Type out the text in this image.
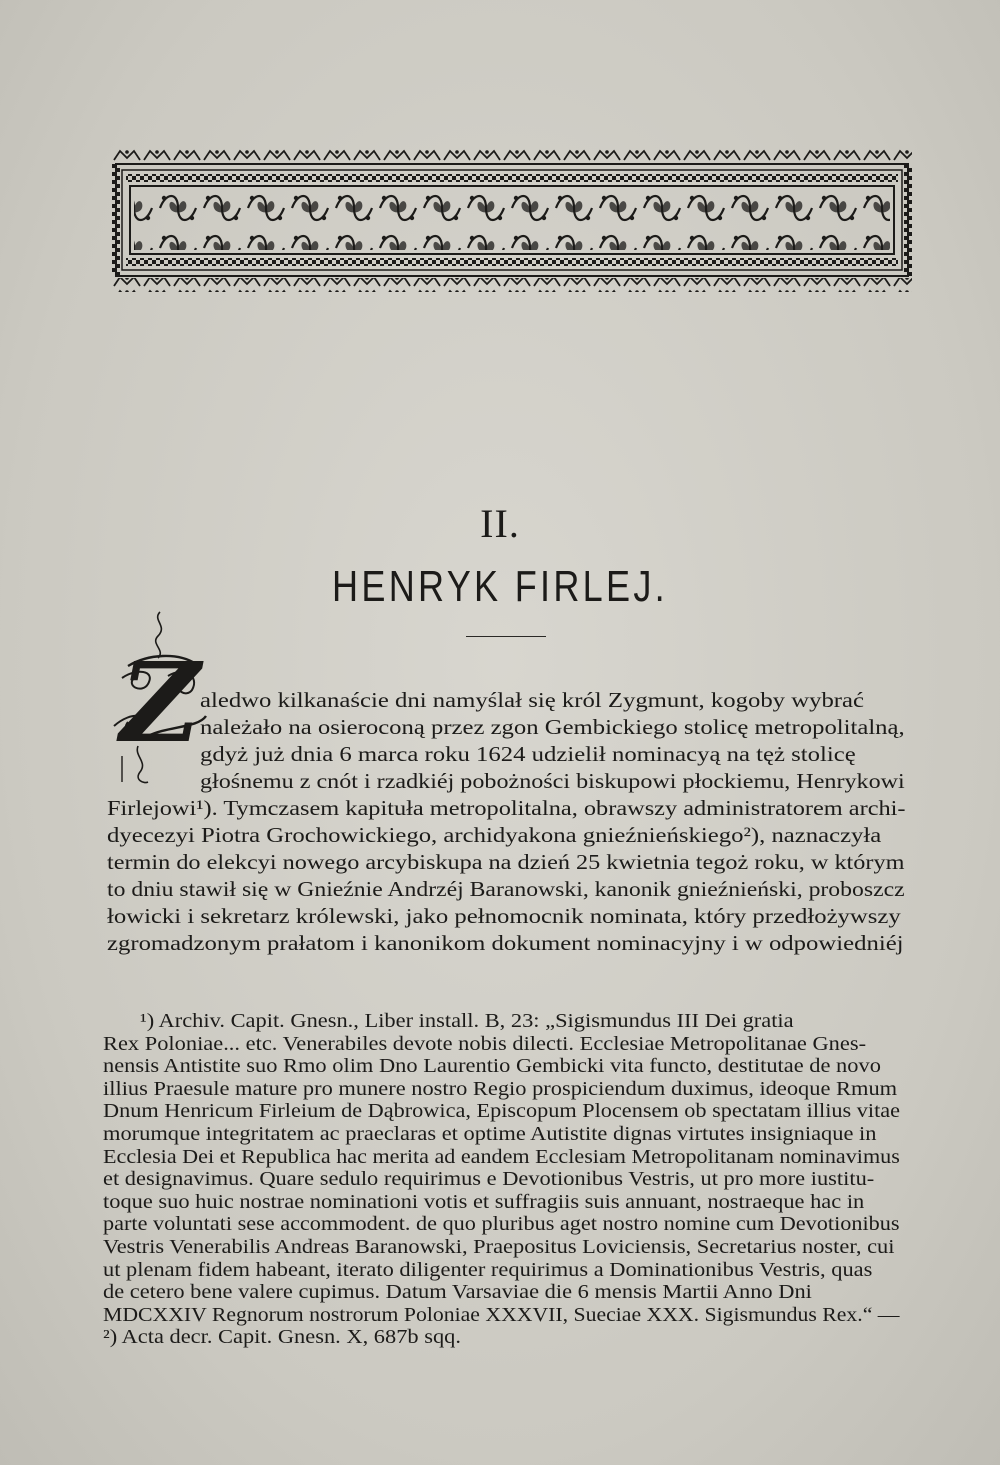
II.
HENRYK FIRLEJ.
Z aledwo kilkanaście dni namyślał się król Zygmunt, kogoby wybrać
należało na osieroconą przez zgon Gembickiego stolicę metropolitalną,
gdyż już dnia 6 marca roku 1624 udzielił nominacyą na tęż stolicę
głośnemu z cnót i rzadkiéj pobożności biskupowi płockiemu, Henrykowi
Firlejowi¹). Tymczasem kapituła metropolitalna, obrawszy administratorem archi-
dyecezyi Piotra Grochowickiego, archidyakona gnieźnieńskiego²), naznaczyła
termin do elekcyi nowego arcybiskupa na dzień 25 kwietnia tegoż roku, w którym
to dniu stawił się w Gnieźnie Andrzéj Baranowski, kanonik gnieźnieński, proboszcz
łowicki i sekretarz królewski, jako pełnomocnik nominata, który przedłożywszy
zgromadzonym prałatom i kanonikom dokument nominacyjny i w odpowiedniéj
¹) Archiv. Capit. Gnesn., Liber install. B, 23: „Sigismundus III Dei gratia
Rex Poloniae... etc. Venerabiles devote nobis dilecti. Ecclesiae Metropolitanae Gnes-
nensis Antistite suo Rmo olim Dno Laurentio Gembicki vita functo, destitutae de novo
illius Praesule mature pro munere nostro Regio prospiciendum duximus, ideoque Rmum
Dnum Henricum Firleium de Dąbrowica, Episcopum Plocensem ob spectatam illius vitae
morumque integritatem ac praeclaras et optime Autistite dignas virtutes insigniaque in
Ecclesia Dei et Republica hac merita ad eandem Ecclesiam Metropolitanam nominavimus
et designavimus. Quare sedulo requirimus e Devotionibus Vestris, ut pro more iustitu-
toque suo huic nostrae nominationi votis et suffragiis suis annuant, nostraeque hac in
parte voluntati sese accommodent. de quo pluribus aget nostro nomine cum Devotionibus
Vestris Venerabilis Andreas Baranowski, Praepositus Loviciensis, Secretarius noster, cui
ut plenam fidem habeant, iterato diligenter requirimus a Dominationibus Vestris, quas
de cetero bene valere cupimus. Datum Varsaviae die 6 mensis Martii Anno Dni
MDCXXIV Regnorum nostrorum Poloniae XXXVII, Sueciae XXX. Sigismundus Rex.“ —
²) Acta decr. Capit. Gnesn. X, 687b sqq.
